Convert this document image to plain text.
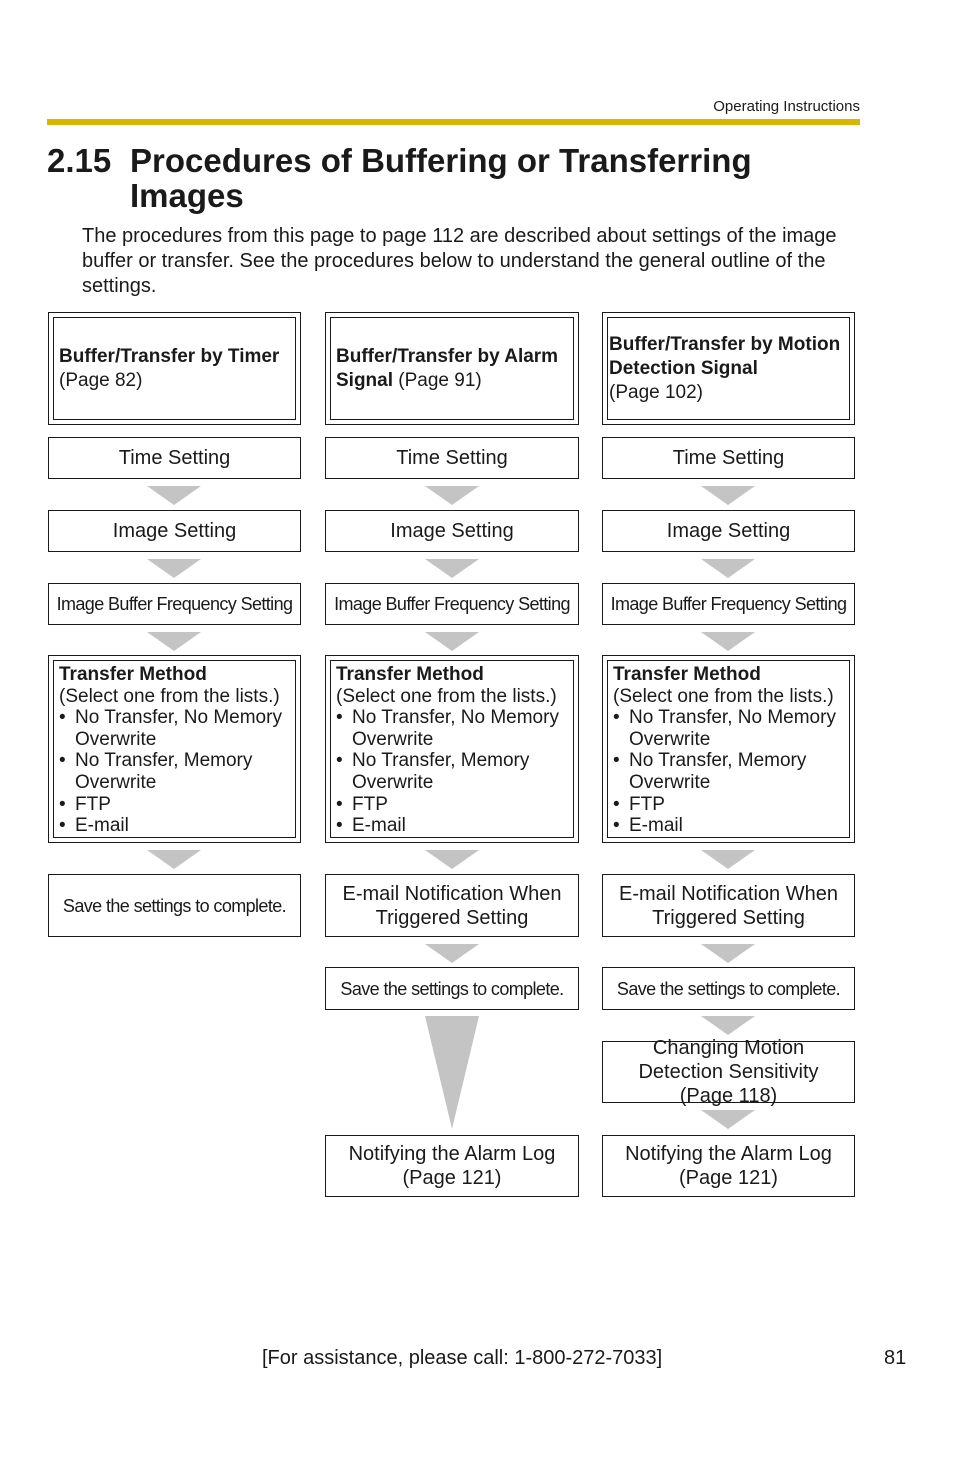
Operating Instructions
2.15 Procedures of Buffering or Transferring Images
The procedures from this page to page 112 are described about settings of the image buffer or transfer. See the procedures below to understand the general outline of the settings.
Buffer/Transfer by Timer
(Page 82)
Time Setting
Image Setting
Image Buffer Frequency Setting
Transfer Method
(Select one from the lists.)
• No Transfer, No Memory Overwrite
• No Transfer, Memory Overwrite
• FTP
• E-mail
Save the settings to complete.
Buffer/Transfer by Alarm Signal (Page 91)
Time Setting
Image Setting
Image Buffer Frequency Setting
Transfer Method
(Select one from the lists.)
• No Transfer, No Memory Overwrite
• No Transfer, Memory Overwrite
• FTP
• E-mail
E-mail Notification When Triggered Setting
Save the settings to complete.
Notifying the Alarm Log (Page 121)
Buffer/Transfer by Motion Detection Signal
(Page 102)
Time Setting
Image Setting
Image Buffer Frequency Setting
Transfer Method
(Select one from the lists.)
• No Transfer, No Memory Overwrite
• No Transfer, Memory Overwrite
• FTP
• E-mail
E-mail Notification When Triggered Setting
Save the settings to complete.
Changing Motion Detection Sensitivity (Page 118)
Notifying the Alarm Log (Page 121)
[For assistance, please call: 1-800-272-7033]	81
